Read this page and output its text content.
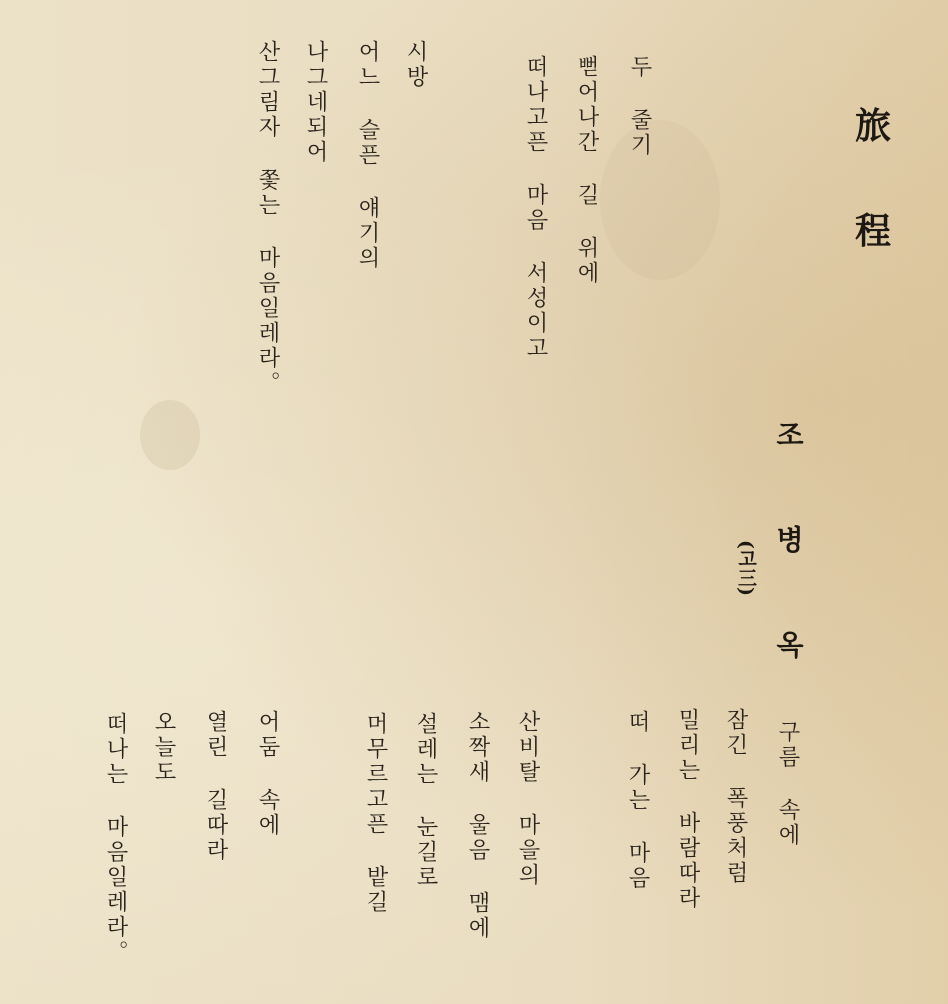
旅
程
조 병 옥
(고三)
두 줄기
뻗어나간 길 위에
떠나고픈 마음 서성이고
시방
어느 슬픈 얘기의
나그네되어
산그림자 쫓는 마음일레라。
구름 속에
잠긴 폭풍처럼
밀리는 바람따라
떠 가는 마음
산비탈 마을의
소짝새 울음 맴에
설레는 눈길로
머무르고픈 밭길
어둠 속에
열린 길따라
오늘도
떠나는 마음일레라。
